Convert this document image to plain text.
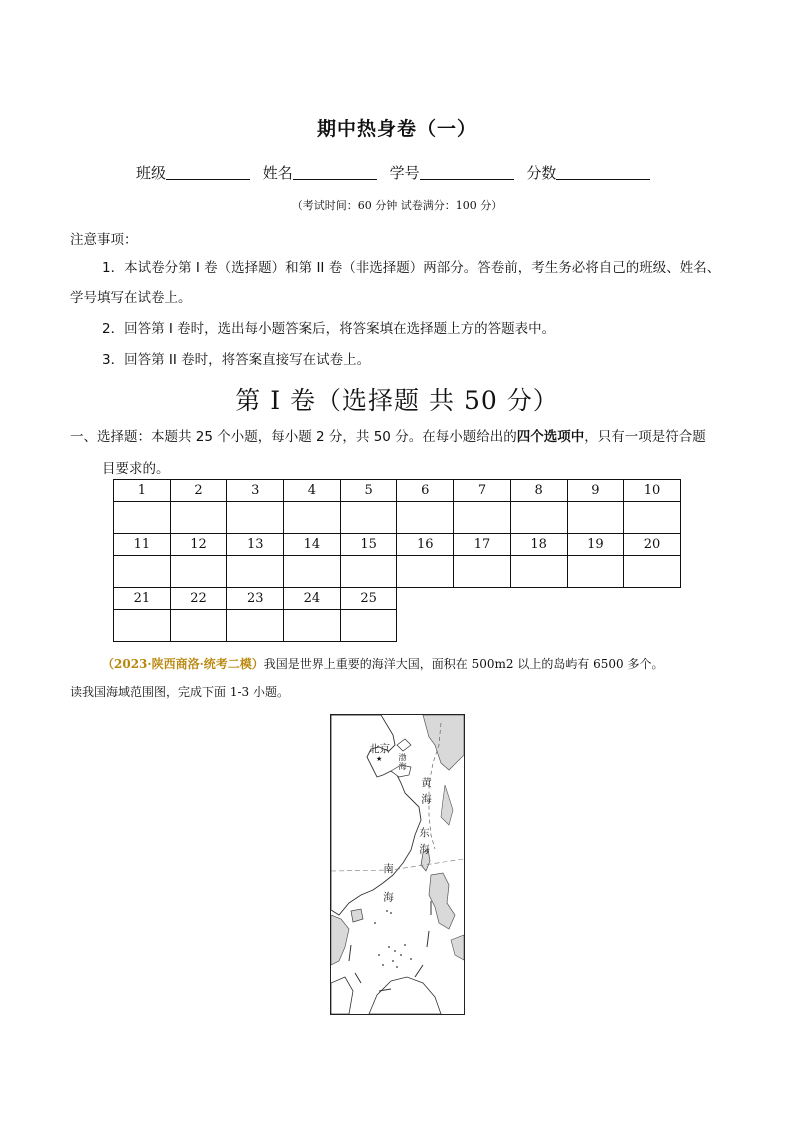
期中热身卷（一）
班级	姓名	学号	分数
（考试时间：60 分钟 试卷满分：100 分）
注意事项：
1．本试卷分第 I 卷（选择题）和第 II 卷（非选择题）两部分。答卷前，考生务必将自己的班级、姓名、
学号填写在试卷上。
2．回答第 I 卷时，选出每小题答案后，将答案填在选择题上方的答题表中。
3．回答第 II 卷时，将答案直接写在试卷上。
第 I 卷（选择题 共 50 分）
一、选择题：本题共 25 个小题，每小题 2 分，共 50 分。在每小题给出的四个选项中，只有一项是符合题
目要求的。
1	2	3	4	5	6	7	8	9	10

11	12	13	14	15	16	17	18	19	20

21	22	23	24	25					

（2023·陕西商洛·统考二模）我国是世界上重要的海洋大国，面积在 500m2 以上的岛屿有 6500 多个。
读我国海域范围图，完成下面 1-3 小题。
★
北京
渤海
黄海
东海
南海
